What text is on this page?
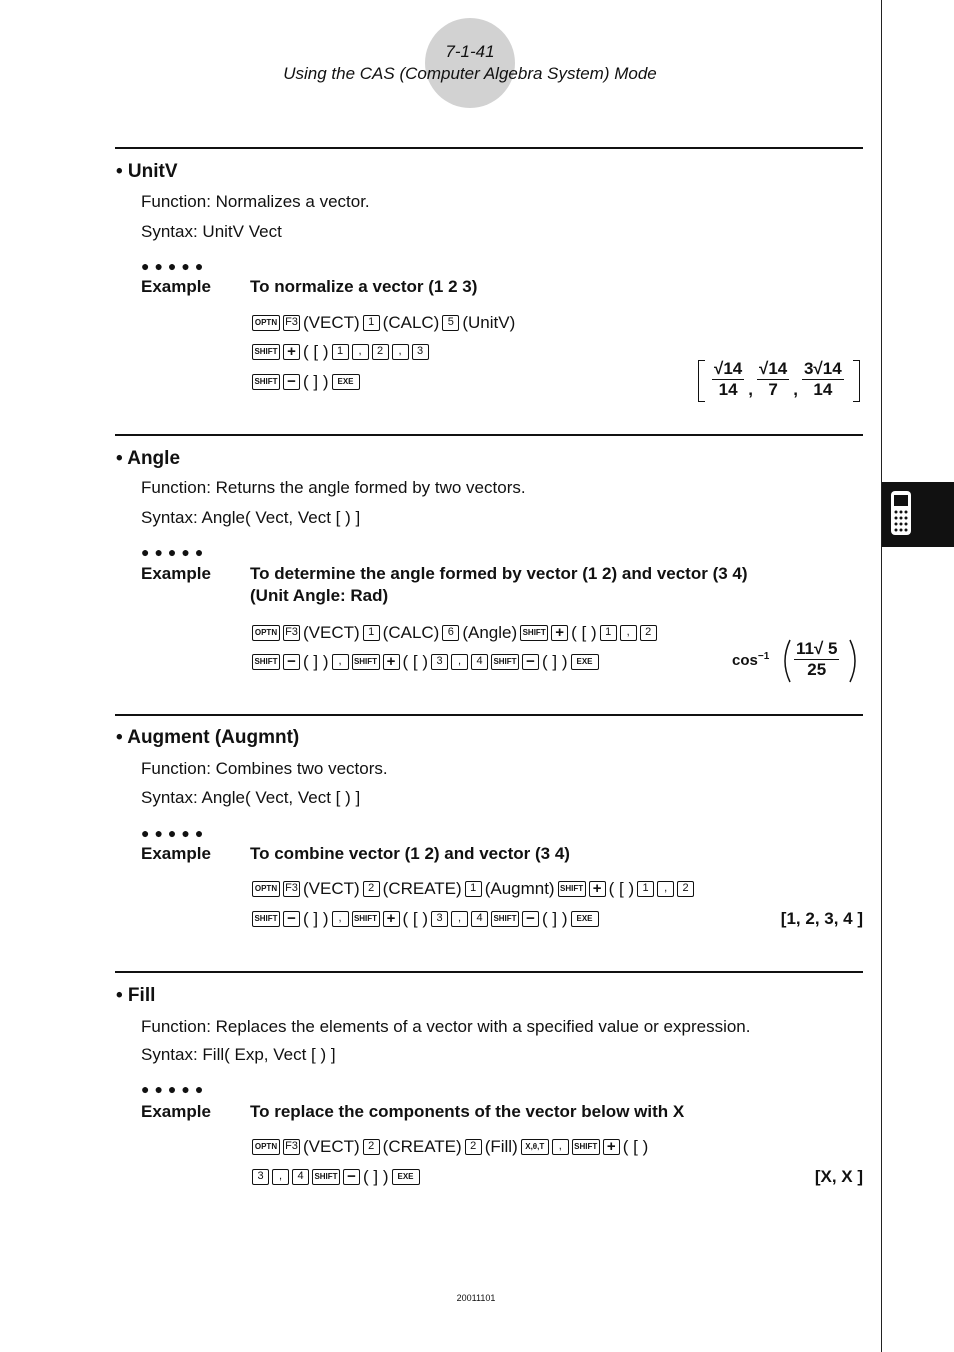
7-1-41
Using the CAS (Computer Algebra System) Mode
• UnitV
Function: Normalizes a vector.
Syntax: UnitV Vect
●●●●●
Example To normalize a vector (1 2 3)
OPTN F3 (VECT) 1 (CALC) 5 (UnitV)
SHIFT + ( [ ) 1	,	2	,	3
SHIFT − ( ] )	EXE	$\frac{√14}{14}$ , $\frac{√14}{7}$ , $\frac{3√14}{14}$
• Angle
Function: Returns the angle formed by two vectors.
Syntax: Angle( Vect, Vect [ ) ]
●●●●●
Example To determine the angle formed by vector (1 2) and vector (3 4)
(Unit Angle: Rad)
OPTN F3 (VECT) 1 (CALC) 6 (Angle) SHIFT + ( [ ) 1	,	2
SHIFT − ( ] ) ,	SHIFT + ( [ ) 3	,	4	SHIFT − ( ] )	EXE	$\cos^{-1} \frac{11√ 5}{25}$
• Augment (Augmnt)
Function: Combines two vectors.
Syntax: Angle( Vect, Vect [ ) ]
●●●●●
Example To combine vector (1 2) and vector (3 4)
OPTN F3 (VECT) 2 (CREATE) 1 (Augmnt) SHIFT + ( [ ) 1	,	2
SHIFT − ( ] ) ,	SHIFT + ( [ ) 3	,	4	SHIFT − ( ] )	EXE	[1, 2, 3, 4 ]
• Fill
Function: Replaces the elements of a vector with a specified value or expression.
Syntax: Fill( Exp, Vect [ ) ]
●●●●●
Example To replace the components of the vector below with X
OPTN F3 (VECT) 2 (CREATE) 2 (Fill) X,θ,T	,	SHIFT + ( [ )
3	,	4	SHIFT − ( ] )	EXE	[X, X ]
20011101
